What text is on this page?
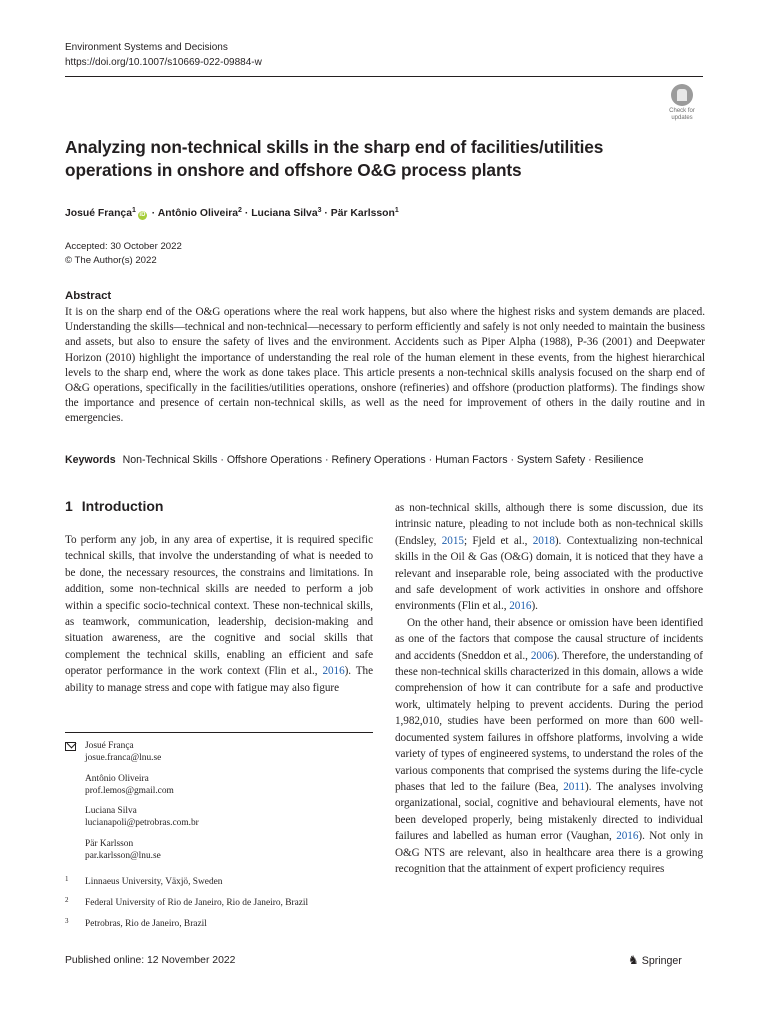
Environment Systems and Decisions
https://doi.org/10.1007/s10669-022-09884-w
Check for
updates
Analyzing non-technical skills in the sharp end of facilities/utilities operations in onshore and offshore O&G process plants
Josué França$^1$iD · Antônio Oliveira$^2$ · Luciana Silva$^3$ · Pär Karlsson$^1$
Accepted: 30 October 2022
© The Author(s) 2022
Abstract
It is on the sharp end of the O&G operations where the real work happens, but also where the highest risks and system demands are placed. Understanding the skills—technical and non-technical—necessary to perform efficiently and safely is not only needed to maintain the business and assets, but also to ensure the safety of lives and the environment. Accidents such as Piper Alpha (1988), P-36 (2001) and Deepwater Horizon (2010) highlight the importance of understanding the real role of the human element in these events, from the highest hierarchical levels to the sharp end, where the work as done takes place. This article presents a non-technical skills analysis focused on the sharp end of O&G operations, specifically in the facilities/utilities operations, onshore (refineries) and offshore (production platforms). The findings show the importance and presence of certain non-technical skills, as well as the need for improvement of others in the daily routine and in emergencies.
Keywords Non-Technical Skills · Offshore Operations · Refinery Operations · Human Factors · System Safety · Resilience
1 Introduction

To perform any job, in any area of expertise, it is required specific technical skills, that involve the understanding of what is needed to be done, the necessary resources, the constrains and limitations. In addition, some non-technical skills are needed to perform a job within a specific socio-technical context. These non-technical skills, as teamwork, communication, leadership, decision-making and situation awareness, are the cognitive and social skills that complement the technical skills, enabling an efficient and safe operator performance in the work context (Flin et al., 2016). The ability to manage stress and cope with fatigue may also figure

as non-technical skills, although there is some discussion, due its intrinsic nature, pleading to not include both as non-technical skills (Endsley, 2015; Fjeld et al., 2018). Contextualizing non-technical skills in the Oil & Gas (O&G) domain, it is noticed that they have a relevant and inseparable role, being associated with the productive and safe development of work activities in onshore and offshore environments (Flin et al., 2016).

On the other hand, their absence or omission have been identified as one of the factors that compose the causal structure of incidents and accidents (Sneddon et al., 2006). Therefore, the understanding of these non-technical skills characterized in this domain, allows a wide comprehension of how it can contribute for a safe and productive work, ultimately helping to prevent accidents. During the period 1,982,010, studies have been performed on more than 600 well-documented system failures in offshore platforms, involving a wide variety of types of engineered systems, to understand the roles of the various components that comprised the systems during the life-cycle phases that led to the failure (Bea, 2011). The analyses involving organizational, social, cognitive and behavioural elements, have not been developed properly, being mistakenly directed to individual failures and labelled as human error (Vaughan, 2016). Not only in O&G NTS are relevant, also in healthcare area there is a growing recognition that the attainment of expert proficiency requires

Josué França
josue.franca@lnu.se
Antônio Oliveira
prof.lemos@gmail.com
Luciana Silva
lucianapoli@petrobras.com.br
Pär Karlsson
par.karlsson@lnu.se
1 Linnaeus University, Växjö, Sweden
2 Federal University of Rio de Janeiro, Rio de Janeiro, Brazil
3 Petrobras, Rio de Janeiro, Brazil
Published online: 12 November 2022	♞ Springer
